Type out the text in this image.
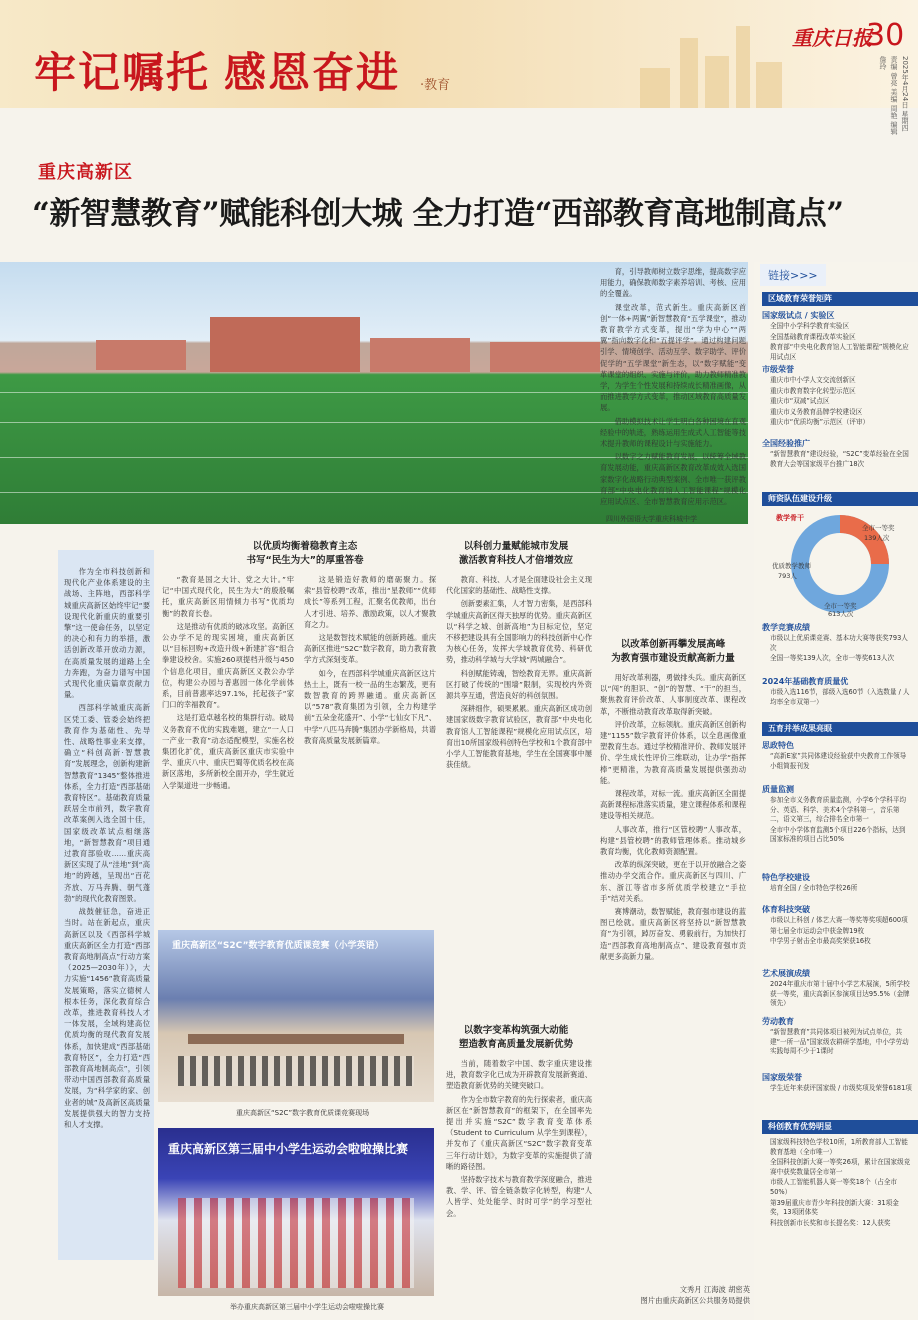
牢记嘱托 感恩奋进 ·教育
重庆日报
30
2025年4月24日 星期四 责编 曾亮 美编 周艳 编辑 詹玲
重庆高新区
“新智慧教育”赋能科创大城 全力打造“西部教育高地制高点”
四川外国语大学重庆科城中学

作为全市科技创新和现代化产业体系建设的主战场、主阵地，西部科学城重庆高新区始终牢记“要设现代化新重庆的重要引擎”这一使命任务，以坚定的决心和有力的举措，激活创新改革开放动力源，在高质量发展的道路上全力奔跑，为奋力谱写中国式现代化重庆篇章贡献力量。

西部科学城重庆高新区凭工委、管委会始终把教育作为基础性、先导性、战略性事业来支撑，确立“科创高新·智慧教育”发展理念，创新构建新智慧教育“1345”整体推进体系，全力打造“西部基础教育特区”。基础教育质量跃居全市前列，数字教育改革案例入选全国十佳，国家级改革试点相继落地，“新智慧教育”项目通过教育部验收……重庆高新区实现了从“洼地”到“高地”的跨越，呈现出“百花齐放、万马奔腾、朝气蓬勃”的现代化教育图景。

战鼓催征急，奋进正当时。站在新起点，重庆高新区以及《西部科学城重庆高新区全力打造“西部教育高地制高点”行动方案（2025—2030年）》，大力实施“1456”教育高质量发展策略，落实立德树人根本任务，深化教育综合改革，推进教育科技人才一体发展，全域构建高位优质均衡的现代教育发展体系，加快建成“西部基础教育特区”，全力打造“西部教育高地制高点”，引领带动中国西部教育高质量发展，为“科学家的家、创业者的城”及高新区高质量发展提供强大的智力支持和人才支撑。

以优质均衡着稳教育主态
书写“民生为大”的厚重答卷

“教育是国之大计、党之大计。”牢记“中国式现代化，民生为大”的殷殷嘱托，重庆高新区用情倾力书写“优质均衡”的教育长卷。

这是推动有优质的破冰攻坚。高新区公办学不足的现实困境，重庆高新区以“目标回购+改造升级+新建扩容”组合拳建设校舍。实施260项提档升级与450个信息化项目，重庆高新区义教公办学位，构建公办园与普惠园一体化学前体系，目前普惠率达97.1%，托起孩子“家门口的幸福教育”。

这是打造卓越名校的集群行动。破局义务教育不优的实践难题，建立“一人口一产业一教育”动态适配模型，实施名校集团化扩优，重庆高新区重庆市实验中学、重庆八中、重庆巴蜀等优质名校在高新区落地，多所新校全面开办，学生就近入学渠道进一步畅通。

这是锻造好教师的磨砺聚力。探索“县管校聘”改革，推出“星教师”“优师成长”等系列工程，汇聚名优教师，出台人才引进、培养、激励政策，以人才聚教育之力。

这是数智技术赋能的创新跨越。重庆高新区推进“S2C”数字教育，助力教育教学方式深刻变革。

如今，在西部科学城重庆高新区这片热土上，既有一校一品的生态繁茂，更有数智教育的跨界融通。重庆高新区以“578”教育集团为引领，全力构建学前“五朵金花盛开”、小学“七仙女下凡”、中学“八匹马奔腾”集团办学新格局，共谱教育高质量发展新篇章。

重庆高新区“S2C”数字教育优质课竞赛（小学英语）
重庆高新区“S2C”数字教育优质课竞赛现场
重庆高新区第三届中小学生运动会啦啦操比赛
举办重庆高新区第三届中小学生运动会啦啦操比赛
以科创力量赋能城市发展
激活教育科技人才倍增效应

教育、科技、人才是全面建设社会主义现代化国家的基础性、战略性支撑。

创新要素汇集，人才智力密集，是西部科学城重庆高新区得天独厚的优势。重庆高新区以“科学之城、创新高地”为目标定位，坚定不移把建设具有全国影响力的科技创新中心作为核心任务，发挥大学城教育优势、科研优势，推动科学城与大学城“两城融合”。

科创赋能铸魂，智绘教育无界。重庆高新区打破了传统的“围墙”限制，实现校内外资源共享互通，营造良好的科创氛围。

深耕细作，硕果累累。重庆高新区成功创建国家级数字教育试验区，教育部“中央电化教育馆人工智能课程”规模化应用试点区，培育出10所国家级科创特色学校和1个教育部中小学人工智能教育基地，学生在全国赛事中屡获佳绩。

以数字变革构筑强大动能
塑造教育高质量发展新优势

当前，随着数字中国、数字重庆建设推进，教育数字化已成为开辟教育发展新赛道、塑造教育新优势的关键突破口。

作为全市数字教育的先行探索者，重庆高新区在“新智慧教育”的框架下，在全国率先提出并实施“S2C”数字教育变革体系（Student to Curriculum 从学生到课程），并发布了《重庆高新区“S2C”数字教育变革三年行动计划》，为数字变革的实施提供了清晰的路径图。

坚持数字技术与教育教学深度融合，推进教、学、评、管全链条数字化转型，构建“人人皆学、处处能学、时时可学”的学习型社会。

育，引导教师树立数字思维，提高数字应用能力，确保教师数字素养培训、考核、应用的全覆盖。

课堂改革，范式新生。重庆高新区首创“一体+两翼”新智慧教育“五学课堂”，推动教育教学方式变革，提出“学为中心”“两翼”指向数字化和“五提评学”。通过构建问题引学、情境创学、活动互学、数字助学、评价促学的“五学课堂”新生态，以“数字赋能”变革课堂的组织、实施与评价，助力教师精准教学，为学生个性发展和持续成长精准画像，从而推进教学方式变革，推动区域教育高质量发展。

借助模拟技术让学生明白各种困境在直观经验中的轨迹，熟练运用生成式人工智能等技术提升教师的课程设计与实施能力。

以数字之力赋能教育发展，以统筹全域教育发展动能，重庆高新区教育改革成效入选国家数字化战略行动典型案例、全市唯一获评教育部“中央电化教育馆人工智能课程”规模化应用试点区、全市智慧教育应用示范区。

以改革创新再攀发展高峰
为教育强市建设贡献高新力量

用好改革利器，勇做排头兵。重庆高新区以“闯”的胆识、“创”的智慧、“干”的担当，聚焦教育评价改革、人事制度改革、课程改革，不断推动教育改革取得新突破。

评价改革，立标领航。重庆高新区创新构建“1155”数字教育评价体系，以全息画像重塑教育生态。通过学校精准评价、教师发展评价、学生成长性评价三维联动，让办学“指挥棒”更精准，为教育高质量发展提供强劲动能。

课程改革，对标一流。重庆高新区全面提高新课程标准落实质量，建立课程体系和课程建设等相关规范。

人事改革，推行“区管校聘”人事改革，构建“县管校聘”的教师管理体系。推动城乡教育均衡，优化教师资源配置。

改革的纵深突破，更在于以开放融合之姿推动办学交流合作。重庆高新区与四川、广东、浙江等省市多所优质学校建立“手拉手”结对关系。

赛博潮动，数智赋能，教育强市建设的蓝图已绘就。重庆高新区将坚持以“新智慧教育”为引领，踔厉奋发、勇毅前行，为加快打造“西部教育高地制高点”、建设教育强市贡献更多高新力量。

文秀月 江海波 胡密英
图片由重庆高新区公共服务局提供
链接>>>
区域教育荣誉矩阵
国家级试点 / 实验区
全国中小学科学教育实验区
全国基础教育课程改革实验区
教育部“中央电化教育馆人工智能课程”规模化应用试点区
市级荣誉
重庆市中小学人文交流创新区
重庆市教育数字化转型示范区
重庆市“双减”试点区
重庆市义务教育品牌学校建设区
重庆市“优质均衡”示范区（评审）
全国经验推广
“新智慧教育”建设经验，“S2C”变革经验在全国教育大会等国家级平台推广18次
师资队伍建设升级
教学骨干
优质教学教师
793人
全市一等奖
139人次
全市一等奖
613人次
教学竞赛成绩
市级以上优质课竞赛、基本功大赛等获奖793人次
全国一等奖139人次，全市一等奖613人次
2024年基础教育质量优
市级入选116节，部级入选60节（入选数量 / 人均率全市双第一）
五育并举成果亮眼
思政特色
“高新E家”共同体建设经验获中央教育工作领导小组简报刊发
质量监测
参加全市义务教育质量监测，小学6个学科平均分、英语、科学、美术4个学科第一，音乐第二，语文第三，综合排名全市第一
全市中小学体育监测5个项目226个指标，达到国家标准的项目占比50%
特色学校建设
培育全国 / 全市特色学校26所
体育科技突破
市级以上科创 / 体艺大赛一等奖等奖项超600项
第七届全市运动会中获金牌19枚
中学男子射击全市最高奖荣获16枚
艺术展演成绩
2024年重庆市第十届中小学艺术展演，5所学校获一等奖，重庆高新区参演项目达95.5%（金牌领先）
劳动教育
“新智慧教育”共同体项目被列为试点单位，共建“一所一品”国家级农耕研学基地，中小学劳动实践每周不少于1课时
国家级荣誉
学生近年来获评国家级 / 市级奖项及荣誉6181项
科创教育优势明显
国家级科技特色学校10所，1所教育部人工智能教育基地（全市唯一）
全国科技创新大赛一等奖26项，累计在国家级竞赛中获奖数量居全市第一
市级人工智能机器人赛一等奖18个（占全市50%）
第39届重庆市青少年科技创新大赛：31项金奖，13项团体奖
科技创新市长奖和市长提名奖：12人获奖
